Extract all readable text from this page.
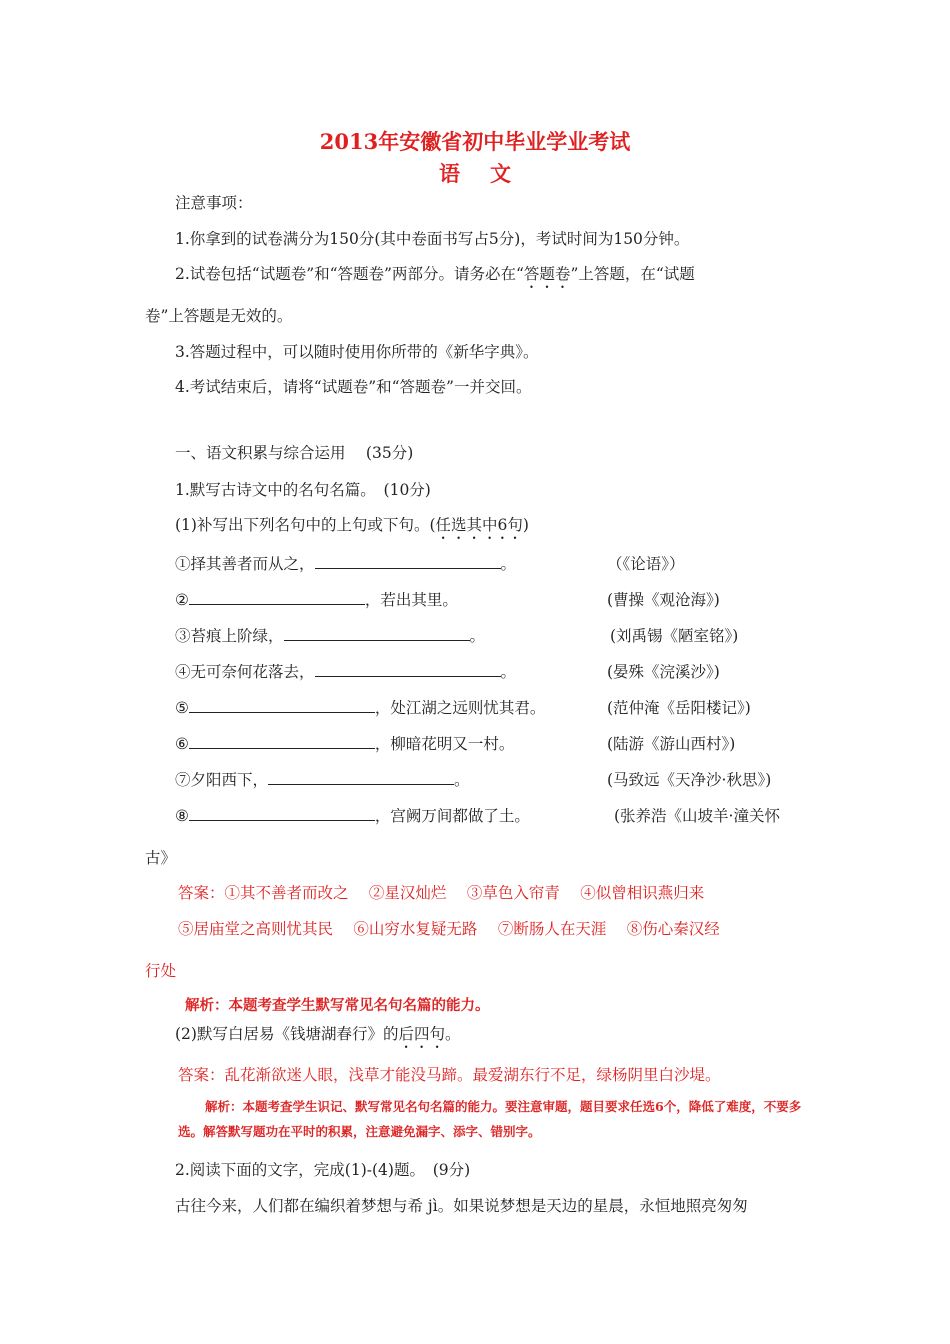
2013年安徽省初中毕业学业考试
语文
注意事项：
1.你拿到的试卷满分为150分(其中卷面书写占5分)，考试时间为150分钟。
2.试卷包括“试题卷”和“答题卷”两部分。请务必在“答题卷”上答题，在“试题
卷”上答题是无效的。
3.答题过程中，可以随时使用你所带的《新华字典》。
4.考试结束后，请将“试题卷”和“答题卷”一并交回。
一、语文积累与综合运用　 (35分)
1.默写古诗文中的名句名篇。　(10分)
(1)补写出下列名句中的上句或下句。(任选其中6句)
①择其善者而从之，	。	（《论语》）
②	，若出其里。	(曹操《观沧海》)
③苔痕上阶绿，	。	(刘禹锡《陋室铭》)
④无可奈何花落去，	。	(晏殊《浣溪沙》)
⑤	，处江湖之远则忧其君。	(范仲淹《岳阳楼记》)
⑥	，柳暗花明又一村。	(陆游《游山西村》)
⑦夕阳西下，	。	(马致远《天净沙·秋思》)
⑧	，宫阙万间都做了土。	(张养浩《山坡羊·潼关怀
古》
答案：①其不善者而改之　 ②星汉灿烂　 ③草色入帘青　 ④似曾相识燕归来
⑤居庙堂之高则忧其民　 ⑥山穷水复疑无路　 ⑦断肠人在天涯　 ⑧伤心秦汉经
行处
解析：本题考查学生默写常见名句名篇的能力。
(2)默写白居易《钱塘湖春行》的后四句。
答案：乱花渐欲迷人眼，浅草才能没马蹄。最爱湖东行不足，绿杨阴里白沙堤。
解析：本题考查学生识记、默写常见名句名篇的能力。要注意审题，题目要求任选6个，降低了难度，不要多
选。解答默写题功在平时的积累，注意避免漏字、添字、错别字。
2.阅读下面的文字，完成(1)-(4)题。　(9分)
古往今来，人们都在编织着梦想与希 jì。如果说梦想是天边的星晨，永恒地照亮匆匆
